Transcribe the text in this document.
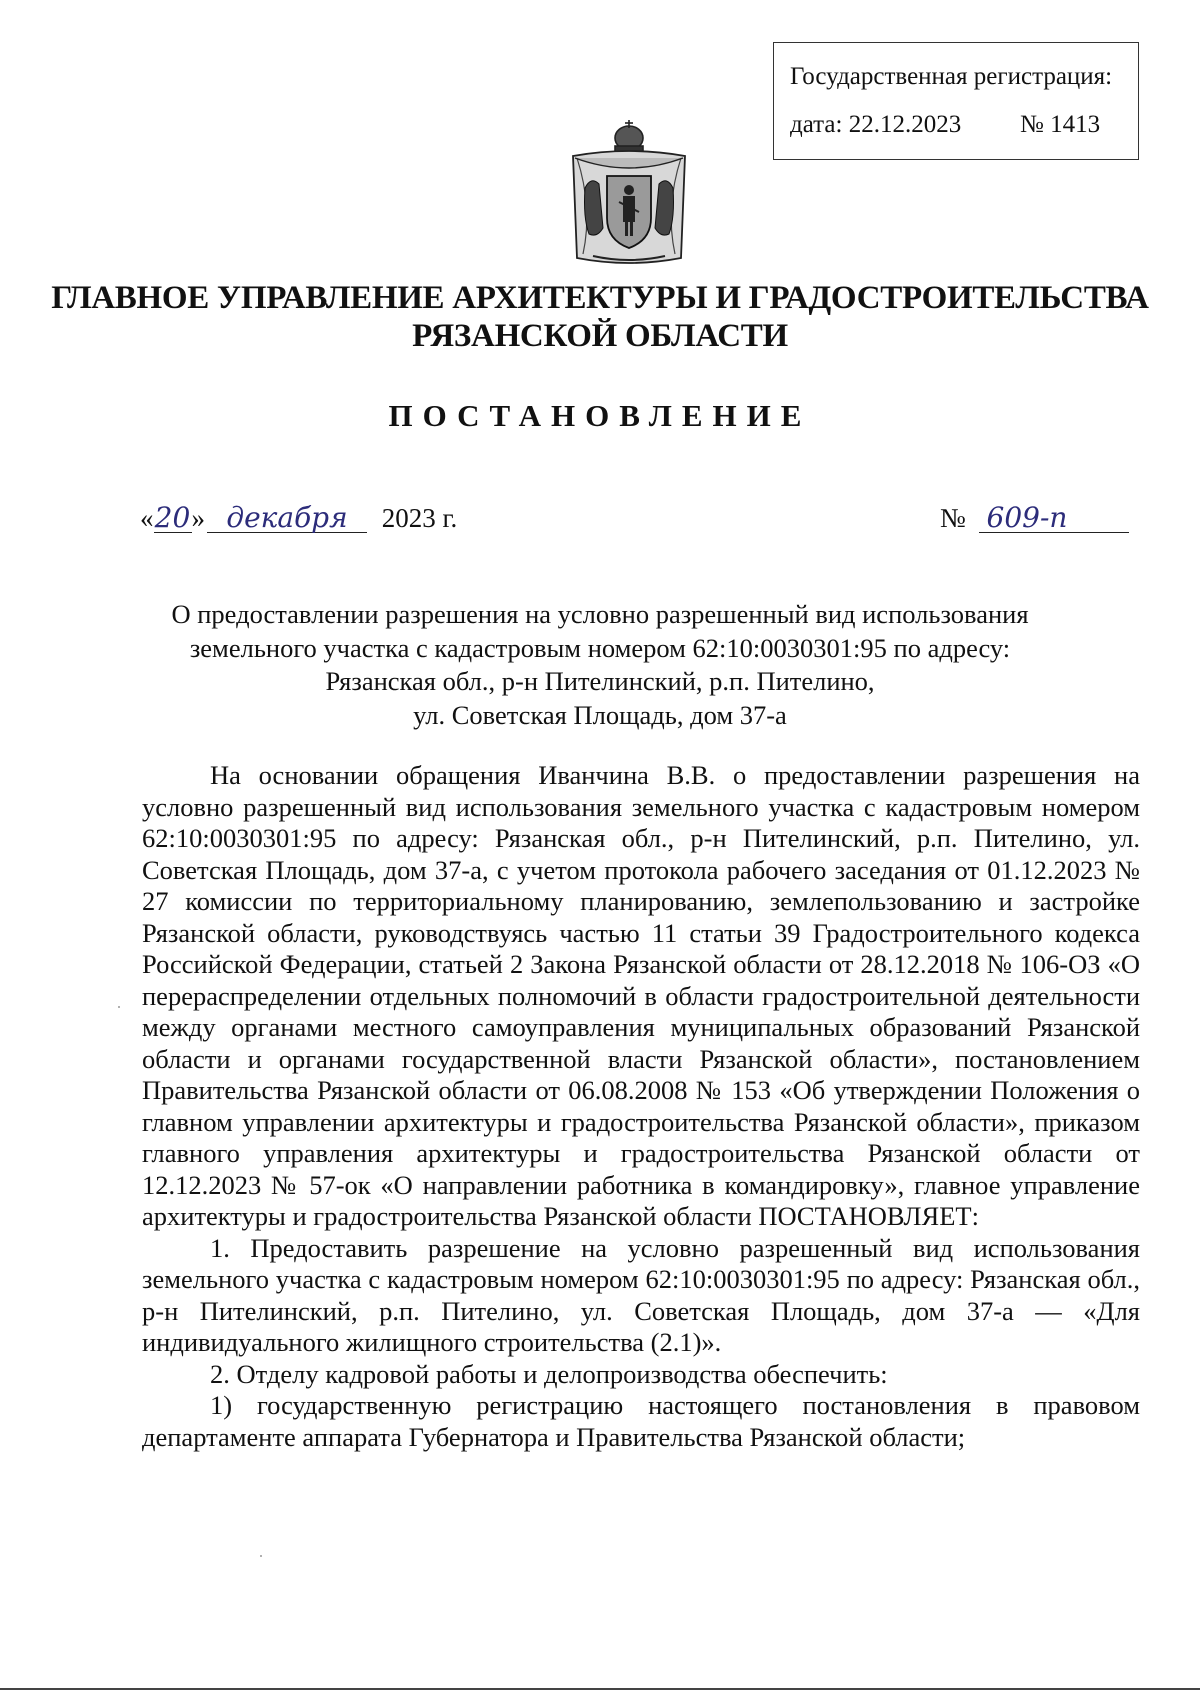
Государственная регистрация:
дата: 22.12.2023 № 1413
ГЛАВНОЕ УПРАВЛЕНИЕ АРХИТЕКТУРЫ И ГРАДОСТРОИТЕЛЬСТВА
РЯЗАНСКОЙ ОБЛАСТИ
ПОСТАНОВЛЕНИЕ
«20» декабря 2023 г.	№ 609-п
О предоставлении разрешения на условно разрешенный вид использования
земельного участка с кадастровым номером 62:10:0030301:95 по адресу:
Рязанская обл., р-н Пителинский, р.п. Пителино,
ул. Советская Площадь, дом 37-а

На основании обращения Иванчина В.В. о предоставлении разрешения на условно разрешенный вид использования земельного участка с кадастровым номером 62:10:0030301:95 по адресу: Рязанская обл., р-н Пителинский, р.п. Пителино, ул. Советская Площадь, дом 37-а, с учетом протокола рабочего заседания от 01.12.2023 № 27 комиссии по территориальному планированию, землепользованию и застройке Рязанской области, руководствуясь частью 11 статьи 39 Градостроительного кодекса Российской Федерации, статьей 2 Закона Рязанской области от 28.12.2018 № 106-ОЗ «О перераспределении отдельных полномочий в области градостроительной деятельности между органами местного самоуправления муниципальных образований Рязанской области и органами государственной власти Рязанской области», постановлением Правительства Рязанской области от 06.08.2008 № 153 «Об утверждении Положения о главном управлении архитектуры и градостроительства Рязанской области», приказом главного управления архитектуры и градостроительства Рязанской области от 12.12.2023 № 57-ок «О направлении работника в командировку», главное управление архитектуры и градостроительства Рязанской области ПОСТАНОВЛЯЕТ:

1. Предоставить разрешение на условно разрешенный вид использования земельного участка с кадастровым номером 62:10:0030301:95 по адресу: Рязанская обл., р-н Пителинский, р.п. Пителино, ул. Советская Площадь, дом 37-а — «Для индивидуального жилищного строительства (2.1)».

2. Отделу кадровой работы и делопроизводства обеспечить:

1) государственную регистрацию настоящего постановления в правовом департаменте аппарата Губернатора и Правительства Рязанской области;
